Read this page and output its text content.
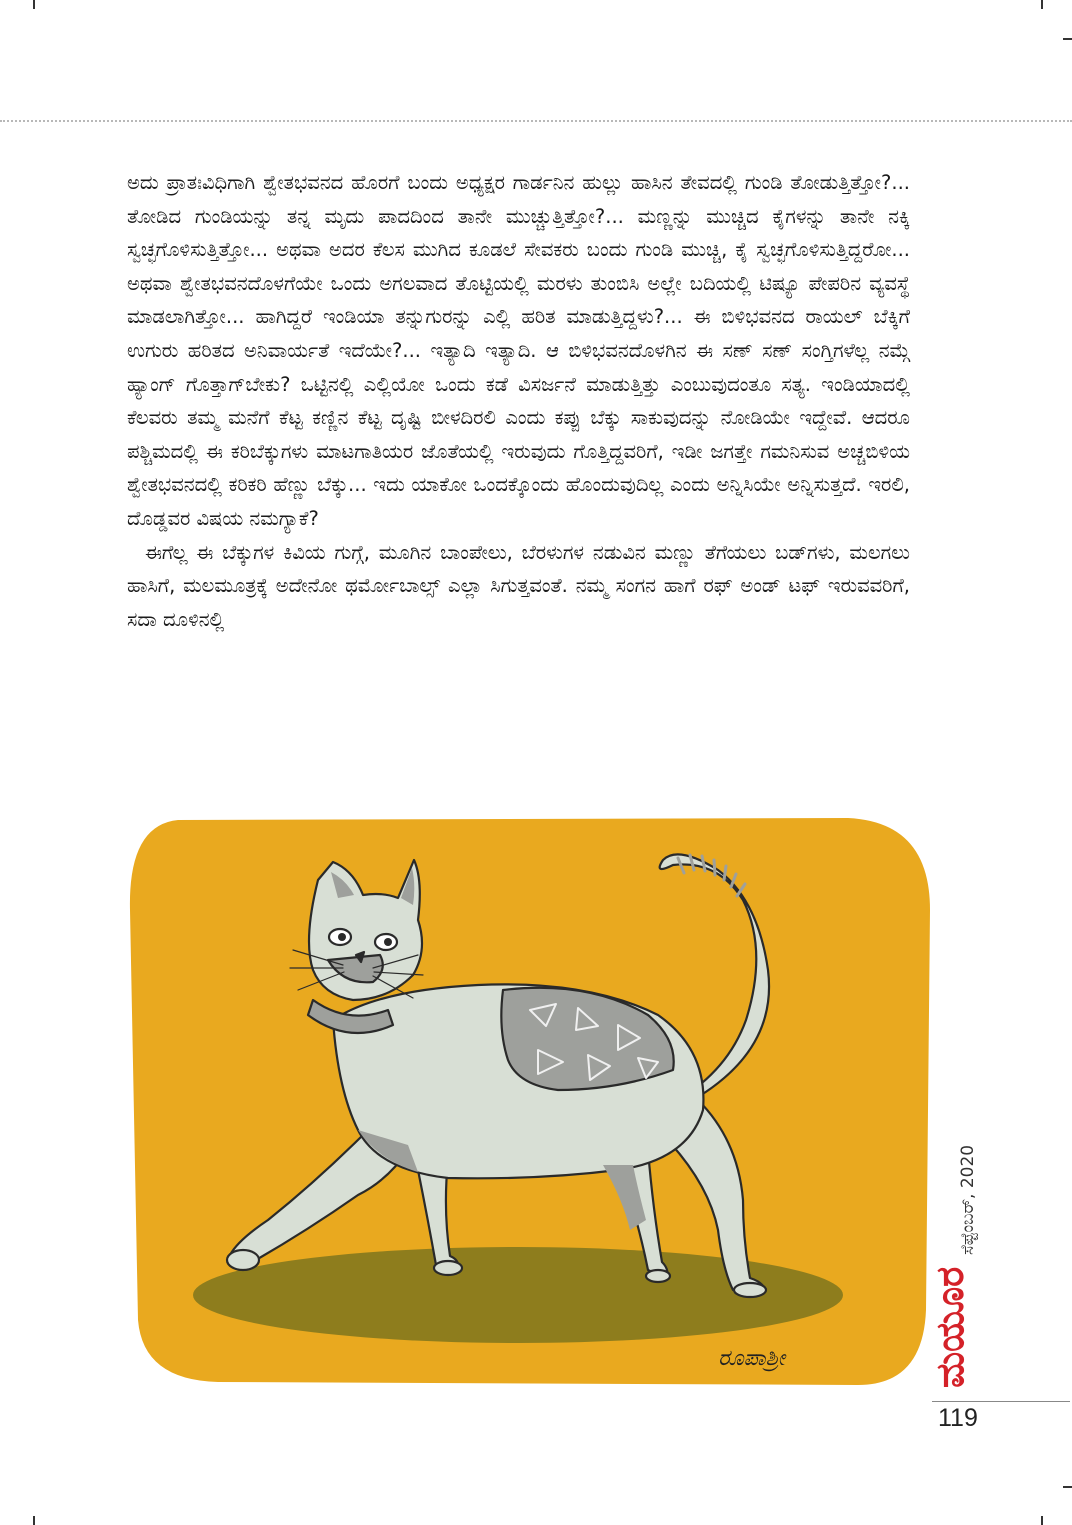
ಅದು ಪ್ರಾತಃವಿಧಿಗಾಗಿ ಶ್ವೇತಭವನದ ಹೊರಗೆ ಬಂದು ಅಧ್ಯಕ್ಷರ ಗಾರ್ಡನಿನ ಹುಲ್ಲು ಹಾಸಿನ ತೇವದಲ್ಲಿ ಗುಂಡಿ ತೋಡುತ್ತಿತ್ತೋ?... ತೋಡಿದ ಗುಂಡಿಯನ್ನು ತನ್ನ ಮೃದು ಪಾದದಿಂದ ತಾನೇ ಮುಚ್ಚುತ್ತಿತ್ತೋ?... ಮಣ್ಣನ್ನು ಮುಚ್ಚಿದ ಕೈಗಳನ್ನು ತಾನೇ ನಕ್ಕಿ ಸ್ವಚ್ಛಗೊಳಿಸುತ್ತಿತ್ತೋ... ಅಥವಾ ಅದರ ಕೆಲಸ ಮುಗಿದ ಕೂಡಲೆ ಸೇವಕರು ಬಂದು ಗುಂಡಿ ಮುಚ್ಚಿ, ಕೈ ಸ್ವಚ್ಛಗೊಳಿಸುತ್ತಿದ್ದರೋ... ಅಥವಾ ಶ್ವೇತಭವನದೊಳಗೆಯೇ ಒಂದು ಅಗಲವಾದ ತೊಟ್ಟಿಯಲ್ಲಿ ಮರಳು ತುಂಬಿಸಿ ಅಲ್ಲೇ ಬದಿಯಲ್ಲಿ ಟಿಷ್ಯೂ ಪೇಪರಿನ ವ್ಯವಸ್ಥೆ ಮಾಡಲಾಗಿತ್ತೋ... ಹಾಗಿದ್ದರೆ ಇಂಡಿಯಾ ತನ್ನುಗುರನ್ನು ಎಲ್ಲಿ ಹರಿತ ಮಾಡುತ್ತಿದ್ದಳು?... ಈ ಬಿಳಿಭವನದ ರಾಯಲ್ ಬೆಕ್ಕಿಗೆ ಉಗುರು ಹರಿತದ ಅನಿವಾರ್ಯತೆ ಇದೆಯೇ?... ಇತ್ಯಾದಿ ಇತ್ಯಾದಿ. ಆ ಬಿಳಿಭವನದೊಳಗಿನ ಈ ಸಣ್ ಸಣ್ ಸಂಗ್ತಿಗಳೆಲ್ಲ ನಮ್ಗೆ ಹ್ಯಾಂಗ್ ಗೊತ್ತಾಗ್‌ಬೇಕು? ಒಟ್ಟಿನಲ್ಲಿ ಎಲ್ಲಿಯೋ ಒಂದು ಕಡೆ ವಿಸರ್ಜನೆ ಮಾಡುತ್ತಿತ್ತು ಎಂಬುವುದಂತೂ ಸತ್ಯ. ಇಂಡಿಯಾದಲ್ಲಿ ಕೆಲವರು ತಮ್ಮ ಮನೆಗೆ ಕೆಟ್ಟ ಕಣ್ಣಿನ ಕೆಟ್ಟ ದೃಷ್ಟಿ ಬೀಳದಿರಲಿ ಎಂದು ಕಪ್ಪು ಬೆಕ್ಕು ಸಾಕುವುದನ್ನು ನೋಡಿಯೇ ಇದ್ದೇವೆ. ಆದರೂ ಪಶ್ಚಿಮದಲ್ಲಿ ಈ ಕರಿಬೆಕ್ಕುಗಳು ಮಾಟಗಾತಿಯರ ಜೊತೆಯಲ್ಲಿ ಇರುವುದು ಗೊತ್ತಿದ್ದವರಿಗೆ, ಇಡೀ ಜಗತ್ತೇ ಗಮನಿಸುವ ಅಚ್ಚಬಿಳಿಯ ಶ್ವೇತಭವನದಲ್ಲಿ ಕರಿಕರಿ ಹೆಣ್ಣು ಬೆಕ್ಕು... ಇದು ಯಾಕೋ ಒಂದಕ್ಕೊಂದು ಹೊಂದುವುದಿಲ್ಲ ಎಂದು ಅನ್ನಿಸಿಯೇ ಅನ್ನಿಸುತ್ತದೆ. ಇರಲಿ, ದೊಡ್ಡವರ ವಿಷಯ ನಮಗ್ಯಾಕೆ?

ಈಗೆಲ್ಲ ಈ ಬೆಕ್ಕುಗಳ ಕಿವಿಯ ಗುಗ್ಗೆ, ಮೂಗಿನ ಬಾಂಪೇಲು, ಬೆರಳುಗಳ ನಡುವಿನ ಮಣ್ಣು ತೆಗೆಯಲು ಬಡ್‌ಗಳು, ಮಲಗಲು ಹಾಸಿಗೆ, ಮಲಮೂತ್ರಕ್ಕೆ ಅದೇನೋ ಥರ್ಮೋಬಾಲ್ಸ್ ಎಲ್ಲಾ ಸಿಗುತ್ತವಂತೆ. ನಮ್ಮ ಸಂಗನ ಹಾಗೆ ರಫ್ ಅಂಡ್ ಟಫ್ ಇರುವವರಿಗೆ, ಸದಾ ದೂಳಿನಲ್ಲಿ

ರೂಪಾಶ್ರೀ
ಸೆಪ್ಟೆಂಬರ್, 2020
ಮಯೂರ
119
